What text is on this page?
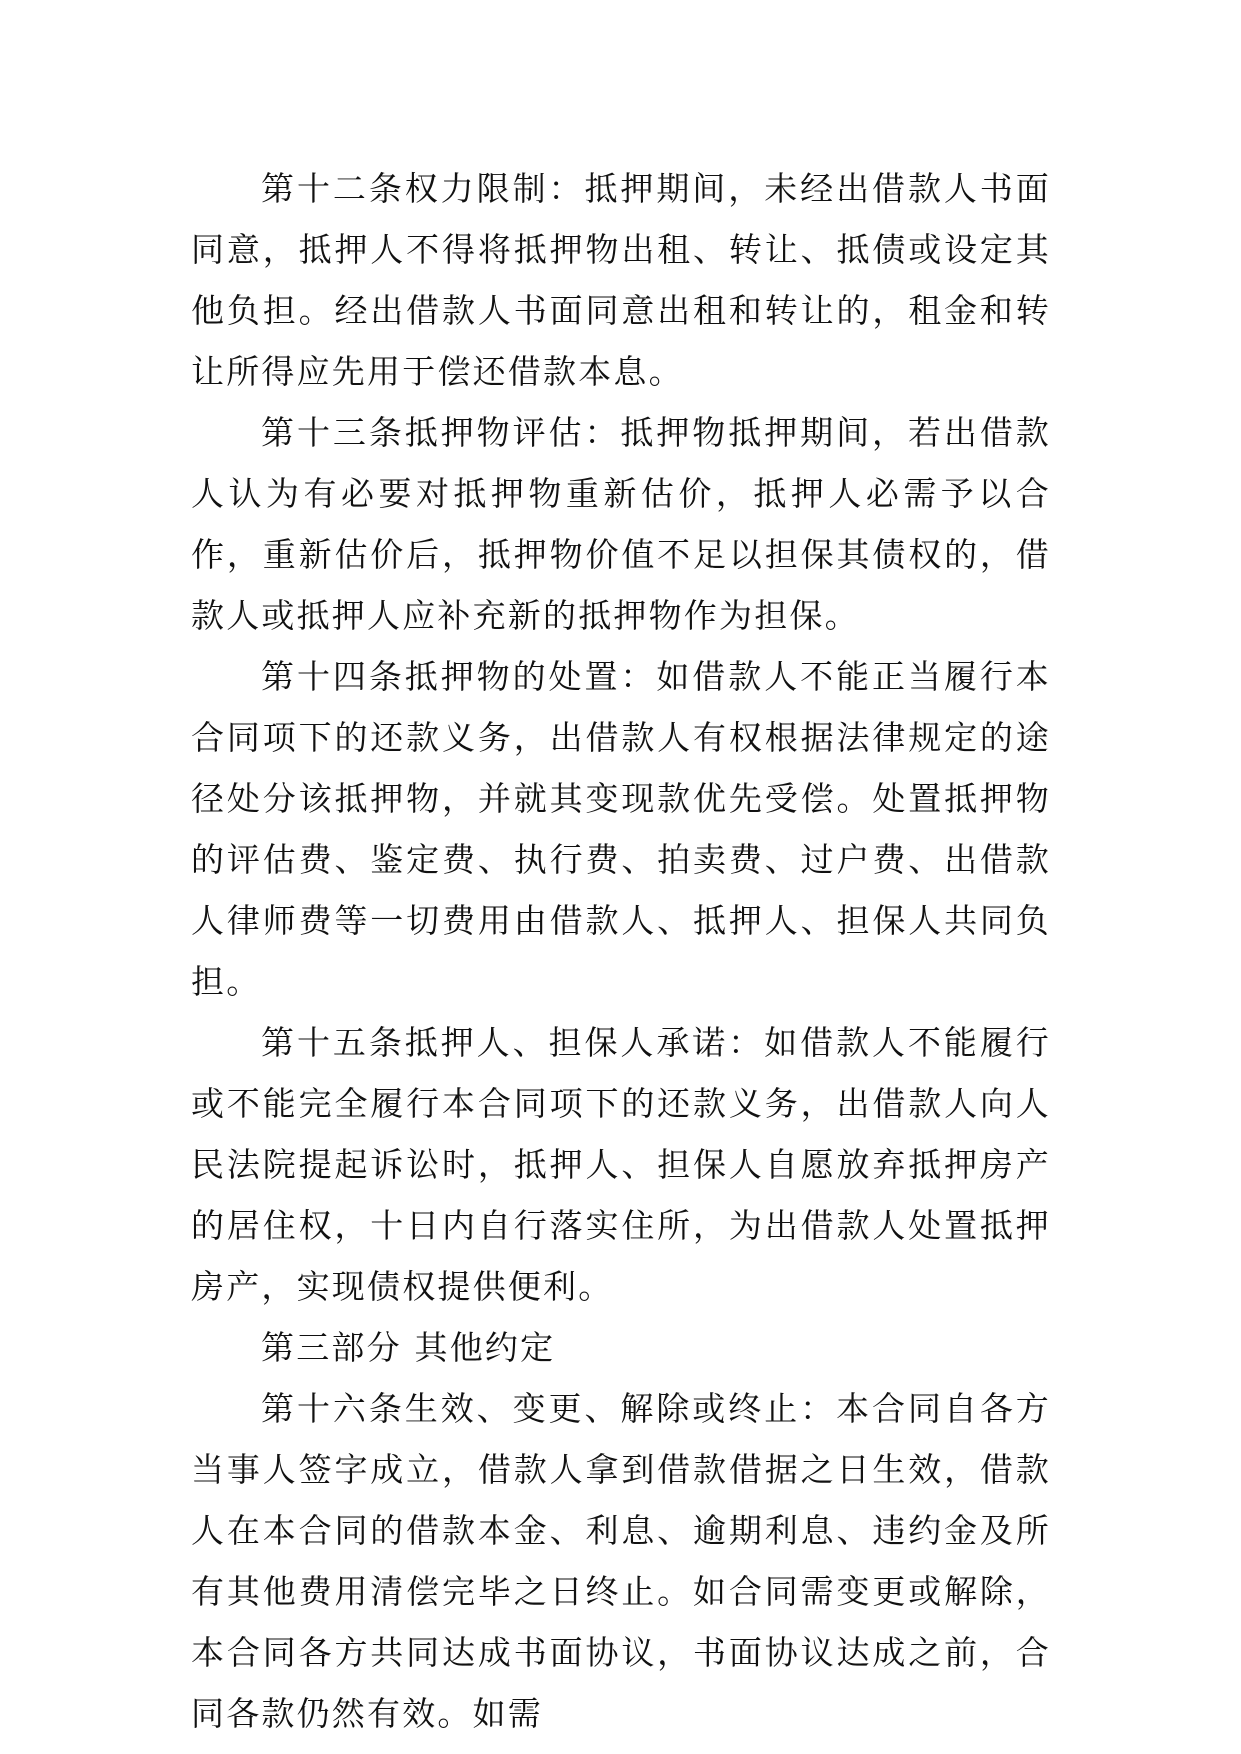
第十二条权力限制：抵押期间，未经出借款人书面同意，抵押人不得将抵押物出租、转让、抵债或设定其他负担。经出借款人书面同意出租和转让的，租金和转让所得应先用于偿还借款本息。

第十三条抵押物评估：抵押物抵押期间，若出借款人认为有必要对抵押物重新估价，抵押人必需予以合作，重新估价后，抵押物价值不足以担保其债权的，借款人或抵押人应补充新的抵押物作为担保。

第十四条抵押物的处置：如借款人不能正当履行本合同项下的还款义务，出借款人有权根据法律规定的途径处分该抵押物，并就其变现款优先受偿。处置抵押物的评估费、鉴定费、执行费、拍卖费、过户费、出借款人律师费等一切费用由借款人、抵押人、担保人共同负担。

第十五条抵押人、担保人承诺：如借款人不能履行或不能完全履行本合同项下的还款义务，出借款人向人民法院提起诉讼时，抵押人、担保人自愿放弃抵押房产的居住权，十日内自行落实住所，为出借款人处置抵押房产，实现债权提供便利。

第三部分 其他约定

第十六条生效、变更、解除或终止：本合同自各方当事人签字成立，借款人拿到借款借据之日生效，借款人在本合同的借款本金、利息、逾期利息、违约金及所有其他费用清偿完毕之日终止。如合同需变更或解除，本合同各方共同达成书面协议，书面协议达成之前，合同各款仍然有效。如需
